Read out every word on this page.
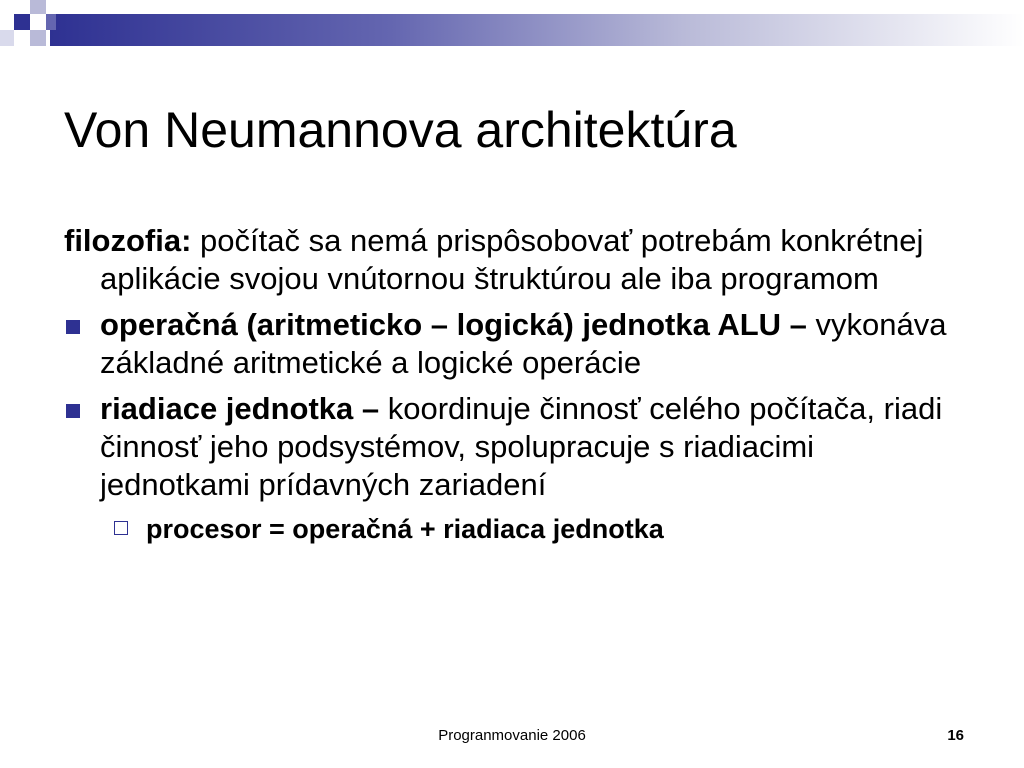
Von Neumannova architektúra

filozofia: počítač sa nemá prispôsobovať potrebám konkrétnej aplikácie svojou vnútornou štruktúrou ale iba programom

operačná (aritmeticko – logická) jednotka ALU – vykonáva základné aritmetické a logické operácie
riadiace jednotka – koordinuje činnosť celého počítača, riadi činnosť jeho podsystémov, spolupracuje s riadiacimi jednotkami prídavných zariadení
procesor = operačná + riadiaca jednotka
Progranmovanie 2006	16
